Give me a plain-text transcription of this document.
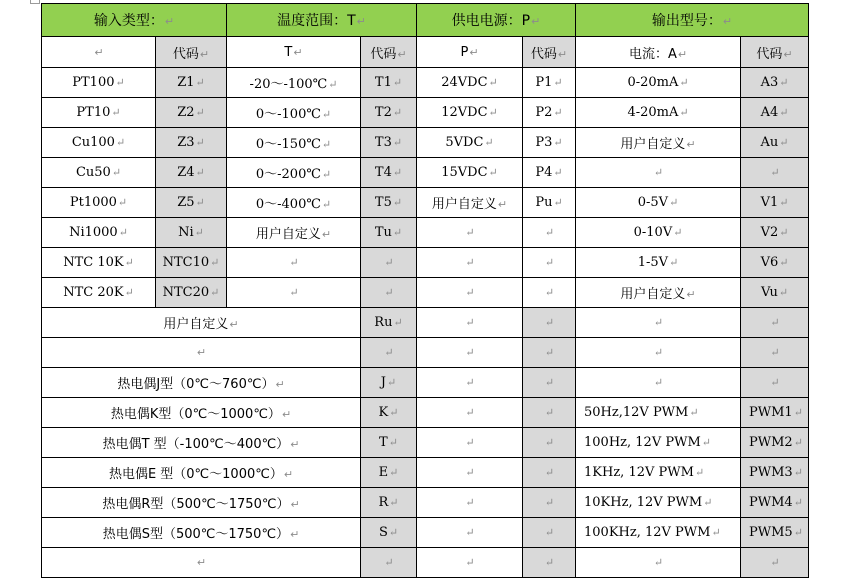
输入类型：↵		温度范围：T↵		供电电源：P↵		输出型号：↵	
↵	代码↵	T↵	代码↵	P↵	代码↵	电流：A↵	代码↵
PT100↵	Z1↵	-20～-100℃↵	T1↵	24VDC↵	P1↵	0-20mA↵	A3↵
PT10↵	Z2↵	0～-100℃↵	T2↵	12VDC↵	P2↵	4-20mA↵	A4↵
Cu100↵	Z3↵	0～-150℃↵	T3↵	5VDC↵	P3↵	用户自定义↵	Au↵
Cu50↵	Z4↵	0～-200℃↵	T4↵	15VDC↵	P4↵	↵	↵
Pt1000↵	Z5↵	0～-400℃↵	T5↵	用户自定义↵	Pu↵	0-5V↵	V1↵
Ni1000↵	Ni↵	用户自定义↵	Tu↵	↵	↵	0-10V↵	V2↵
NTC 10K↵	NTC10↵	↵	↵	↵	↵	1-5V↵	V6↵
NTC 20K↵	NTC20↵	↵	↵	↵	↵	用户自定义↵	Vu↵
用户自定义↵			Ru↵	↵	↵	↵	↵
↵			↵	↵	↵	↵	↵
热电偶J型（0℃～760℃）↵			J↵	↵	↵	↵	↵
热电偶K型（0℃～1000℃）↵			K↵	↵	↵	50Hz,12V PWM↵	PWM1↵
热电偶T 型（-100℃～400℃）↵			T↵	↵	↵	100Hz, 12V PWM↵	PWM2↵
热电偶E 型（0℃～1000℃）↵			E↵	↵	↵	1KHz, 12V PWM↵	PWM3↵
热电偶R型（500℃～1750℃）↵			R↵	↵	↵	10KHz, 12V PWM↵	PWM4↵
热电偶S型（500℃～1750℃）↵			S↵	↵	↵	100KHz, 12V PWM↵	PWM5↵
↵			↵	↵	↵	↵	↵
